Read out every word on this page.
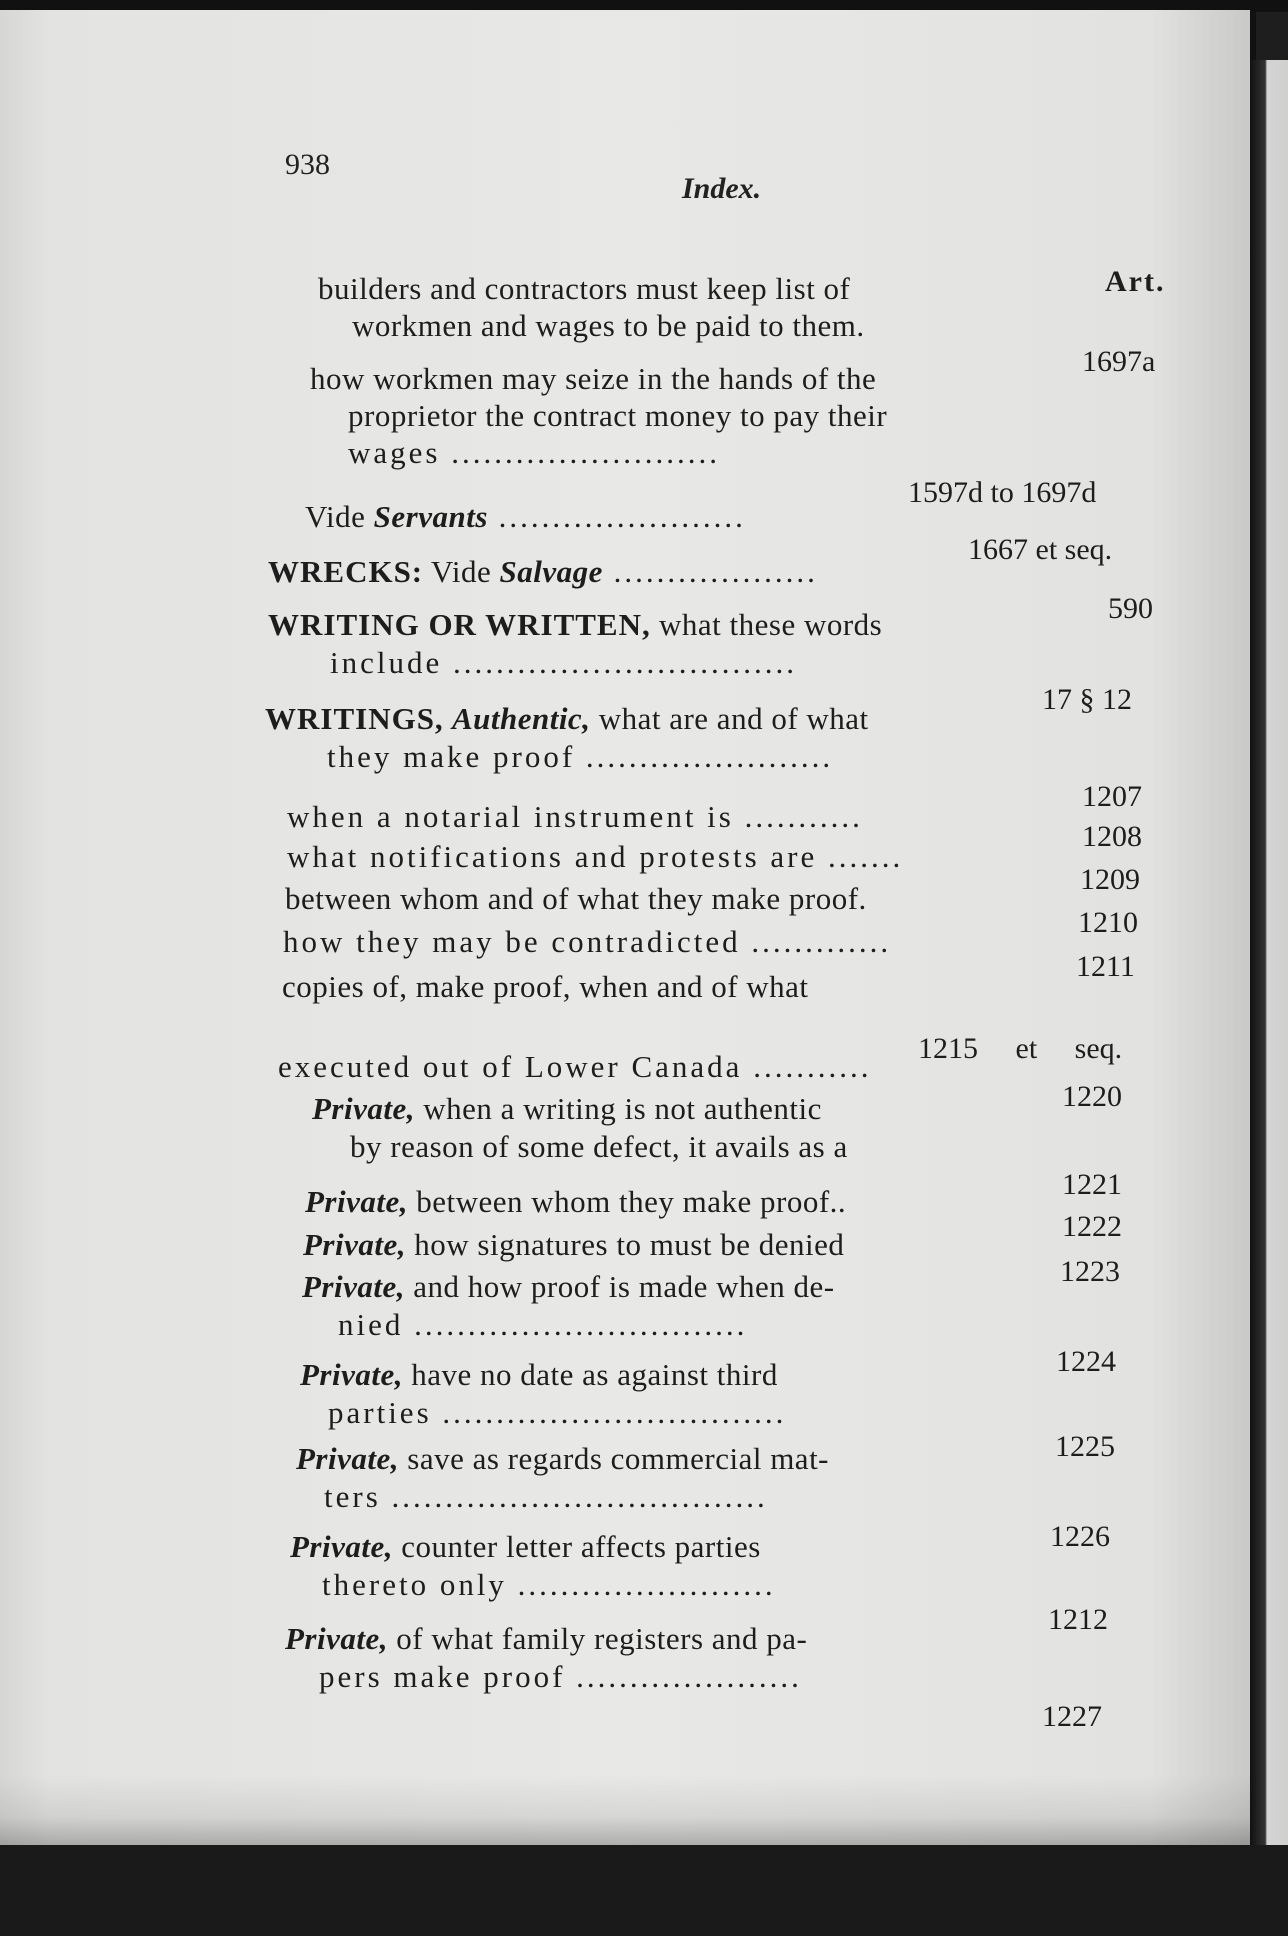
938
Index.
Art.
builders and contractors must keep list of
workmen and wages to be paid to them.
1697a
how workmen may seize in the hands of the
proprietor the contract money to pay their
wages .........................
1597d to 1697d
Vide Servants .......................
1667 et seq.
WRECKS: Vide Salvage ...................
590
WRITING OR WRITTEN, what these words
include ................................
17 § 12
WRITINGS, Authentic, what are and of what
they make proof .......................
1207
when a notarial instrument is ...........
1208
what notifications and protests are .......
1209
between whom and of what they make proof.
1210
how they may be contradicted .............
1211
copies of, make proof, when and of what
1215 et seq.
executed out of Lower Canada ...........
1220
Private, when a writing is not authentic
by reason of some defect, it avails as a
1221
Private, between whom they make proof..
1222
Private, how signatures to must be denied
1223
Private, and how proof is made when de-
nied ...............................
1224
Private, have no date as against third
parties ................................
1225
Private, save as regards commercial mat-
ters ...................................
1226
Private, counter letter affects parties
thereto only ........................
1212
Private, of what family registers and pa-
pers make proof .....................
1227
